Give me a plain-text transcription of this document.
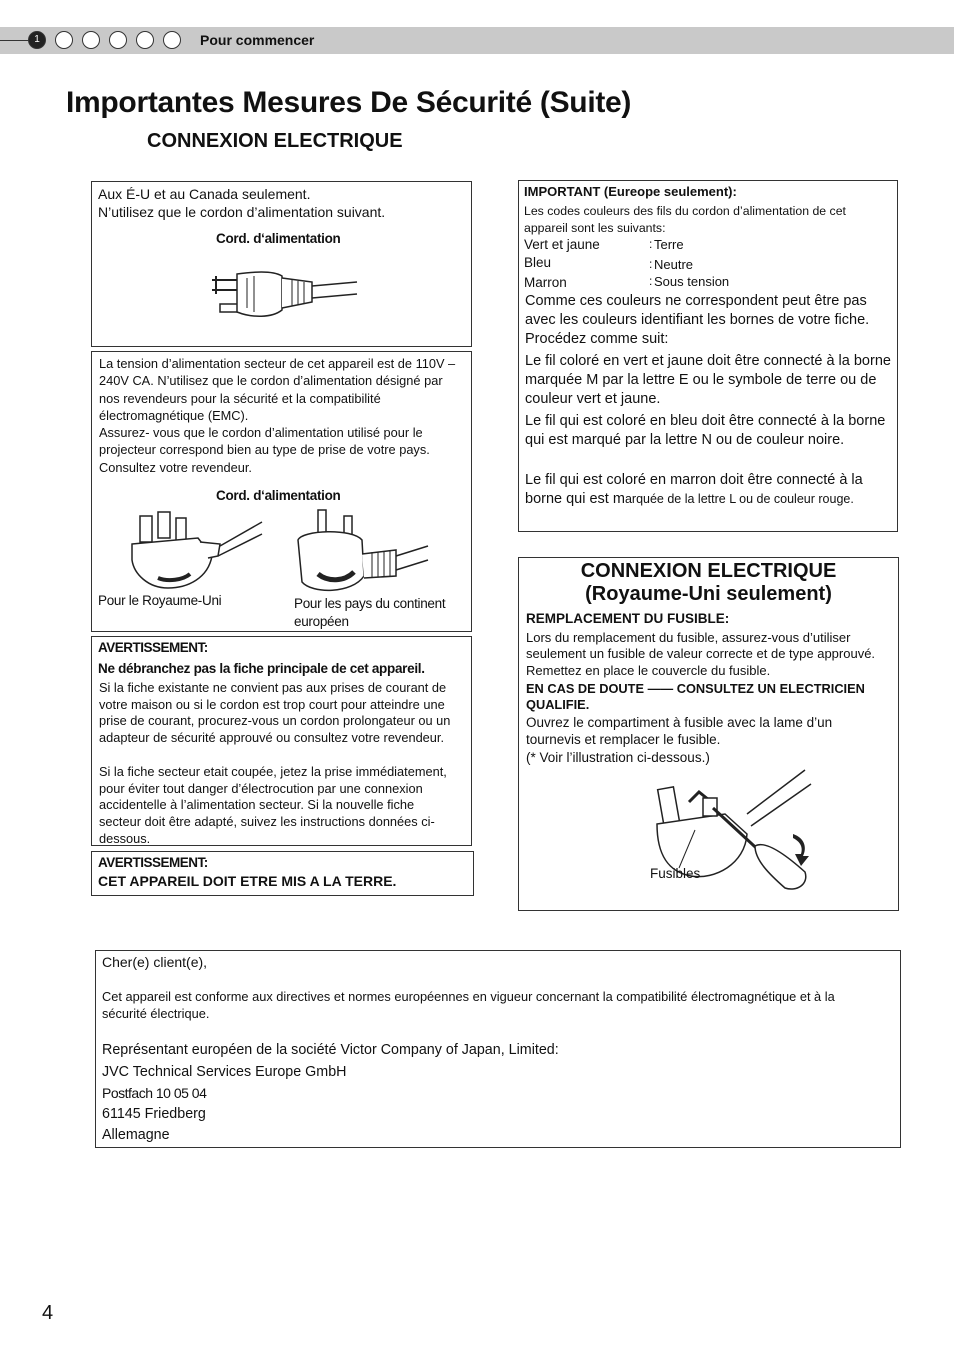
1	Pour commencer
Importantes Mesures De Sécurité (Suite)
CONNEXION ELECTRIQUE

Aux É-U et au Canada seulement.

N’utilisez que le cordon d’alimentation suivant.

Cord. d‘alimentation

La tension d’alimentation secteur de cet appareil est de 110V – 240V CA. N’utilisez que le cordon d’alimentation désigné par nos revendeurs pour la sécurité et la compatibilité électromagnétique (EMC).

Assurez- vous que le cordon d’alimentation utilisé pour le projecteur correspond bien au type de prise de votre pays. Consultez votre revendeur.

Cord. d‘alimentation

Pour le Royaume-Uni	Pour les pays du continent européen

AVERTISSEMENT:

Ne débranchez pas la fiche principale de cet appareil.

Si la fiche existante ne convient pas aux prises de courant de votre maison ou si le cordon est trop court pour atteindre une prise de courant, procurez-vous un cordon prolongateur ou un adapteur de sécurité approuvé ou consultez votre revendeur.

Si la fiche secteur etait coupée, jetez la prise immédiatement, pour éviter tout danger d’électrocution par une connexion accidentelle à l’alimentation secteur. Si la nouvelle fiche secteur doit être adapté, suivez les instructions données ci-dessous.

AVERTISSEMENT:

CET APPAREIL DOIT ETRE MIS A LA TERRE.

IMPORTANT (Eureope seulement):

Les codes couleurs des fils du cordon d’alimentation de cet appareil sont les suivants:

Vert et jaune	: Terre
Bleu	: Neutre
Marron	: Sous tension

Comme ces couleurs ne correspondent peut être pas avec les couleurs identifiant les bornes de votre fiche. Procédez comme suit:

Le fil coloré en vert et jaune doit être connecté à la borne marquée M par la lettre E ou le symbole de terre ou de couleur vert et jaune.

Le fil qui est coloré en bleu doit être connecté à la borne qui est marqué par la lettre N ou de couleur noire.

Le fil qui est coloré en marron doit être connecté à la borne qui est marquée de la lettre L ou de couleur rouge.

CONNEXION ELECTRIQUE

(Royaume-Uni seulement)

REMPLACEMENT DU FUSIBLE:

Lors du remplacement du fusible, assurez-vous d’utiliser seulement un fusible de valeur correcte et de type approuvé. Remettez en place le couvercle du fusible.

EN CAS DE DOUTE —— CONSULTEZ UN ELECTRICIEN QUALIFIE.

Ouvrez le compartiment à fusible avec la lame d’un tournevis et remplacer le fusible.

(* Voir l’illustration ci-dessous.)

Fusibles

Cher(e) client(e),

Cet appareil est conforme aux directives et normes européennes en vigueur concernant la compatibilité électromagnétique et à la sécurité électrique.

Représentant européen de la société Victor Company of Japan, Limited:

JVC Technical Services Europe GmbH

Postfach 10 05 04

61145 Friedberg

Allemagne

4
